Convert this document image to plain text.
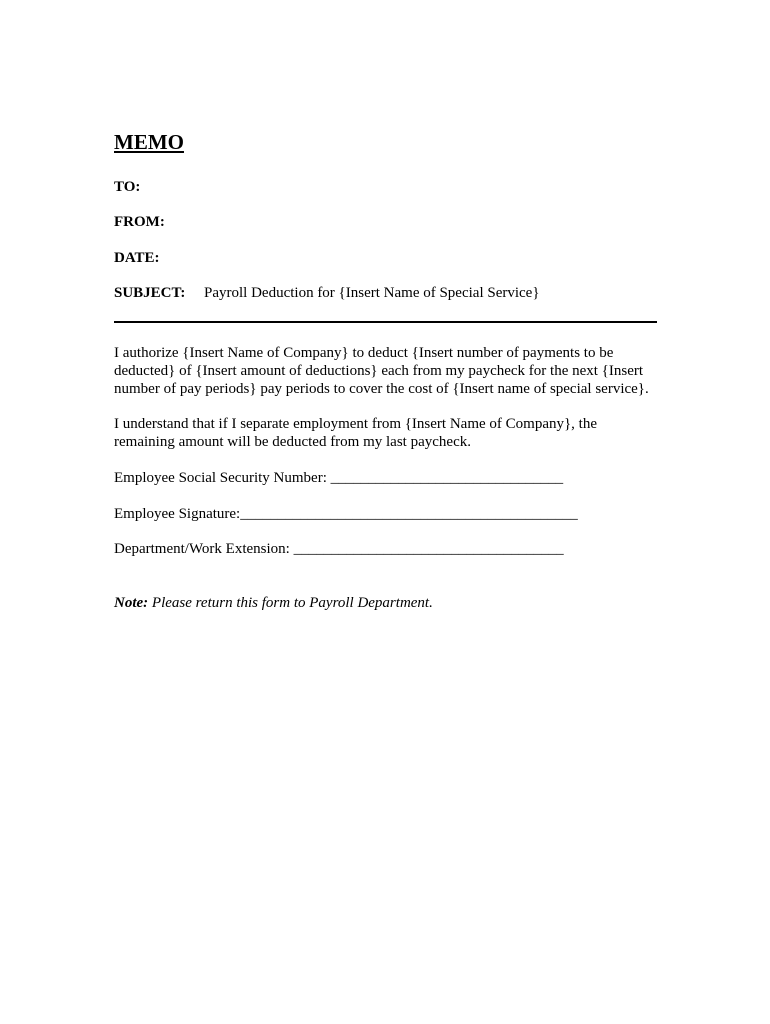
MEMO
TO:
FROM:
DATE:
SUBJECT: Payroll Deduction for {Insert Name of Special Service}

I authorize {Insert Name of Company} to deduct {Insert number of payments to be
deducted} of {Insert amount of deductions} each from my paycheck for the next {Insert
number of pay periods} pay periods to cover the cost of {Insert name of special service}.

I understand that if I separate employment from {Insert Name of Company}, the
remaining amount will be deducted from my last paycheck.

Employee Social Security Number: _______________________________
Employee Signature:_____________________________________________
Department/Work Extension: ____________________________________
Note: Please return this form to Payroll Department.
